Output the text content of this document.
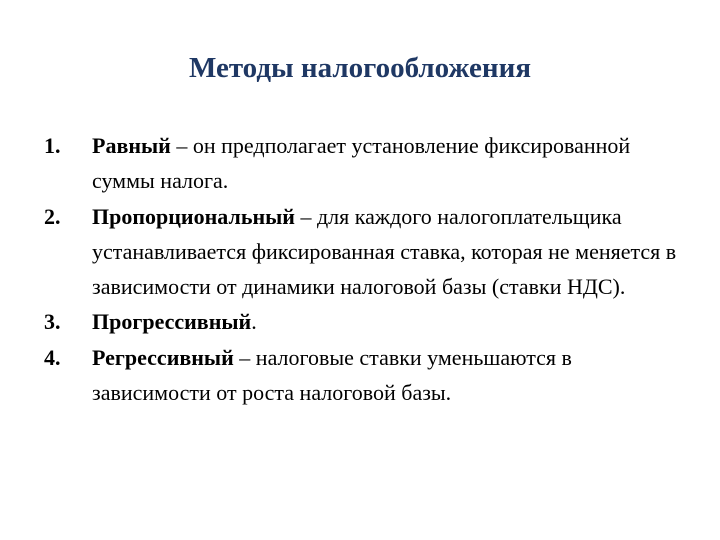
Методы налогообложения
1.	Равный – он предполагает установление фиксированной суммы налога.
2.	Пропорциональный – для каждого налогоплательщика устанавливается фиксированная ставка, которая не меняется в зависимости от динамики налоговой базы (ставки НДС).
3.	Прогрессивный.
4.	Регрессивный – налоговые ставки уменьшаются в зависимости от роста налоговой базы.
